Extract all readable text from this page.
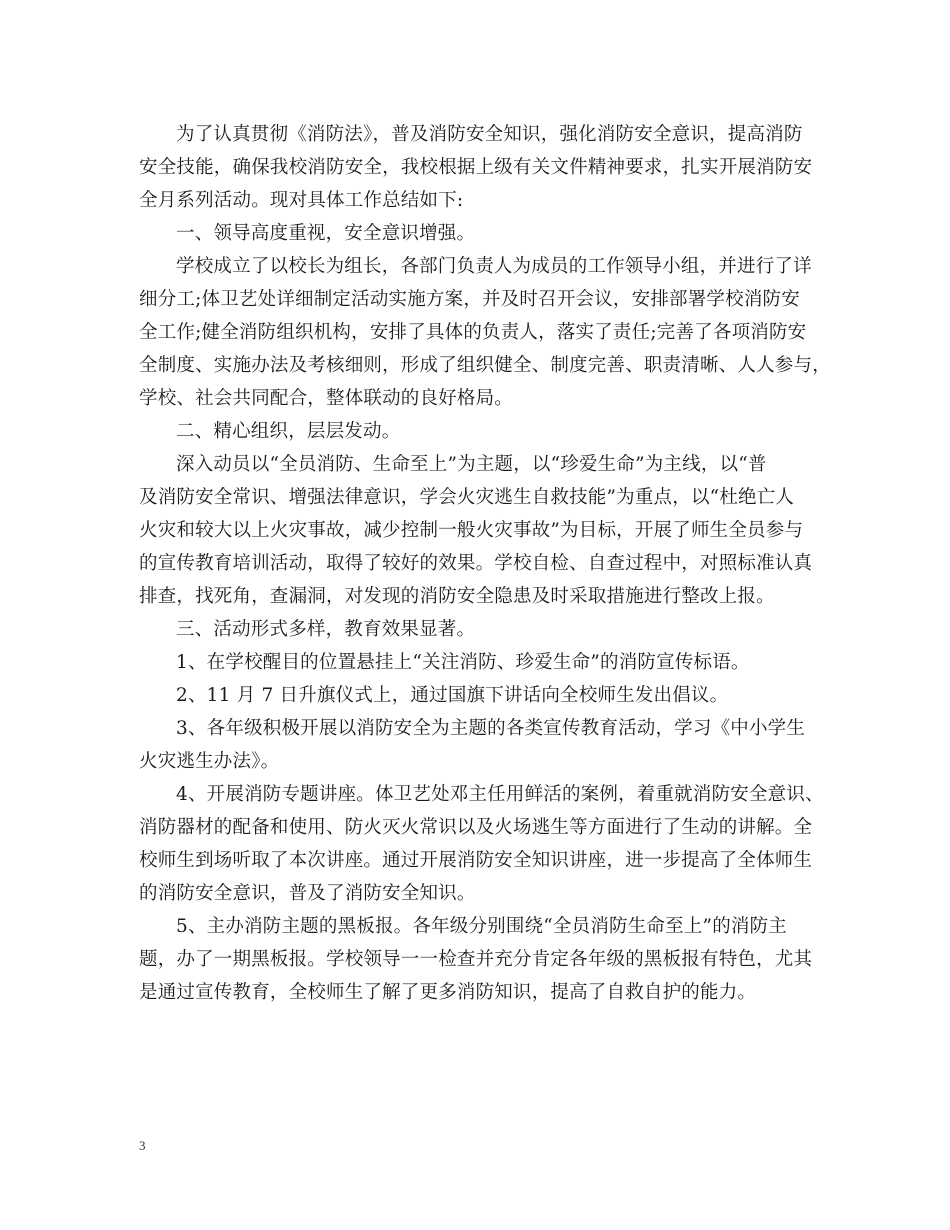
为了认真贯彻《消防法》，普及消防安全知识，强化消防安全意识，提高消防
安全技能，确保我校消防安全，我校根据上级有关文件精神要求，扎实开展消防安
全月系列活动。现对具体工作总结如下:
一、领导高度重视，安全意识增强。
学校成立了以校长为组长，各部门负责人为成员的工作领导小组，并进行了详
细分工;体卫艺处详细制定活动实施方案，并及时召开会议，安排部署学校消防安
全工作;健全消防组织机构，安排了具体的负责人，落实了责任;完善了各项消防安
全制度、实施办法及考核细则，形成了组织健全、制度完善、职责清晰、人人参与，
学校、社会共同配合，整体联动的良好格局。
二、精心组织，层层发动。
深入动员以“全员消防、生命至上”为主题，以“珍爱生命”为主线，以“普
及消防安全常识、增强法律意识，学会火灾逃生自救技能”为重点，以“杜绝亡人
火灾和较大以上火灾事故，减少控制一般火灾事故”为目标，开展了师生全员参与
的宣传教育培训活动，取得了较好的效果。学校自检、自查过程中，对照标准认真
排查，找死角，查漏洞，对发现的消防安全隐患及时采取措施进行整改上报。
三、活动形式多样，教育效果显著。
1、在学校醒目的位置悬挂上“关注消防、珍爱生命”的消防宣传标语。
2、11 月 7 日升旗仪式上，通过国旗下讲话向全校师生发出倡议。
3、各年级积极开展以消防安全为主题的各类宣传教育活动，学习《中小学生
火灾逃生办法》。
4、开展消防专题讲座。体卫艺处邓主任用鲜活的案例，着重就消防安全意识、
消防器材的配备和使用、防火灭火常识以及火场逃生等方面进行了生动的讲解。全
校师生到场听取了本次讲座。通过开展消防安全知识讲座，进一步提高了全体师生
的消防安全意识，普及了消防安全知识。
5、主办消防主题的黑板报。各年级分别围绕“全员消防生命至上”的消防主
题，办了一期黑板报。学校领导一一检查并充分肯定各年级的黑板报有特色，尤其
是通过宣传教育，全校师生了解了更多消防知识，提高了自救自护的能力。
3
